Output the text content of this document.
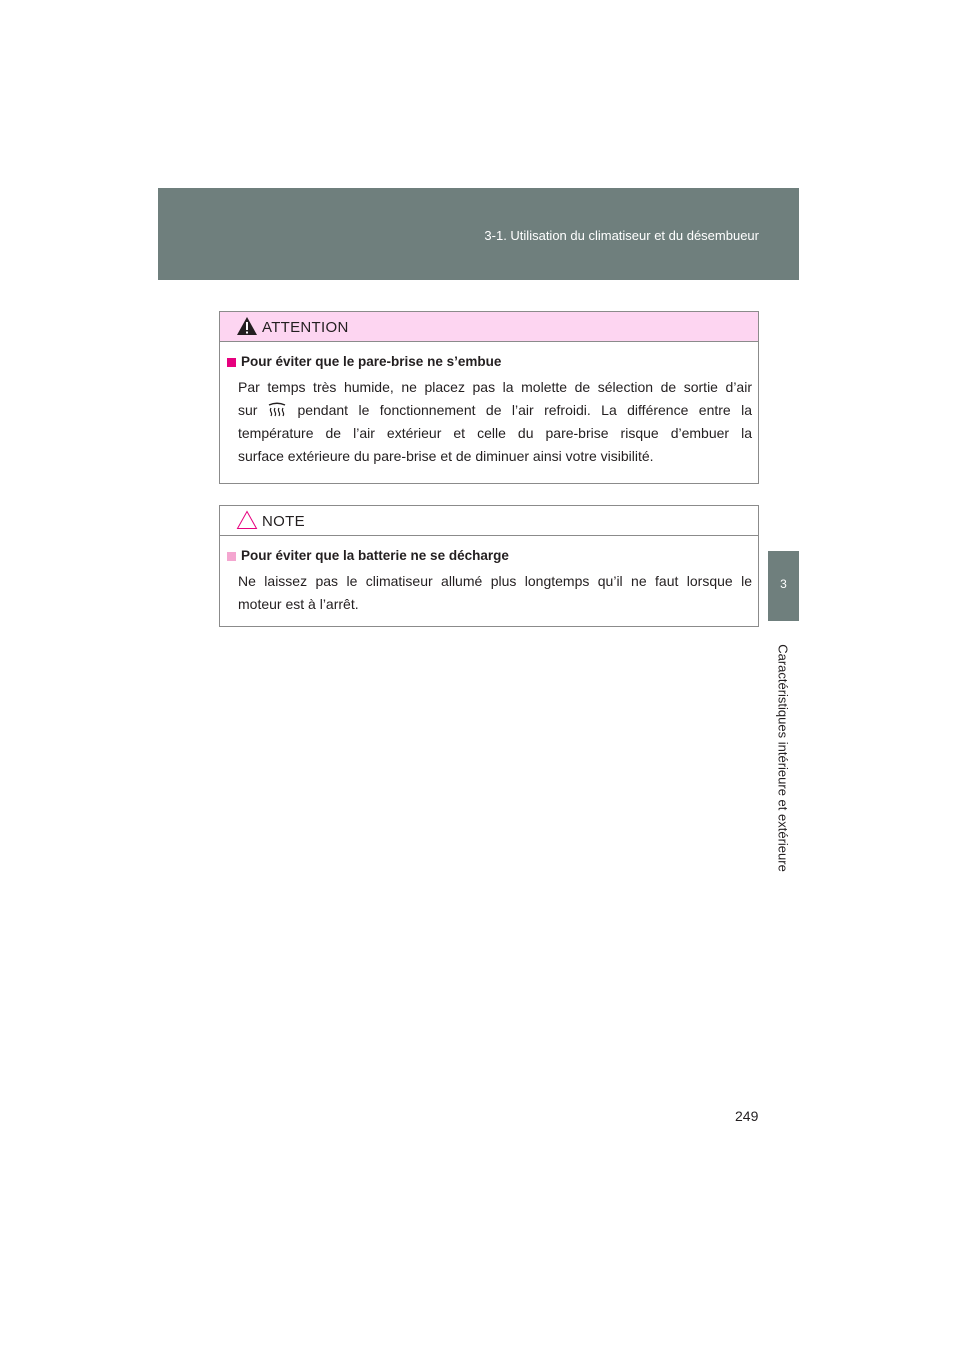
3-1. Utilisation du climatiseur et du désembueur
3
Caractéristiques intérieure et extérieure
ATTENTION
Pour éviter que le pare-brise ne s’embue
Par temps très humide, ne placez pas la molette de sélection de sortie d’air
sur	pendant le fonctionnement de l’air refroidi. La différence entre la
température de l’air extérieur et celle du pare-brise risque d’embuer la
surface extérieure du pare-brise et de diminuer ainsi votre visibilité.
NOTE
Pour éviter que la batterie ne se décharge
Ne laissez pas le climatiseur allumé plus longtemps qu’il ne faut lorsque le
moteur est à l’arrêt.
249
